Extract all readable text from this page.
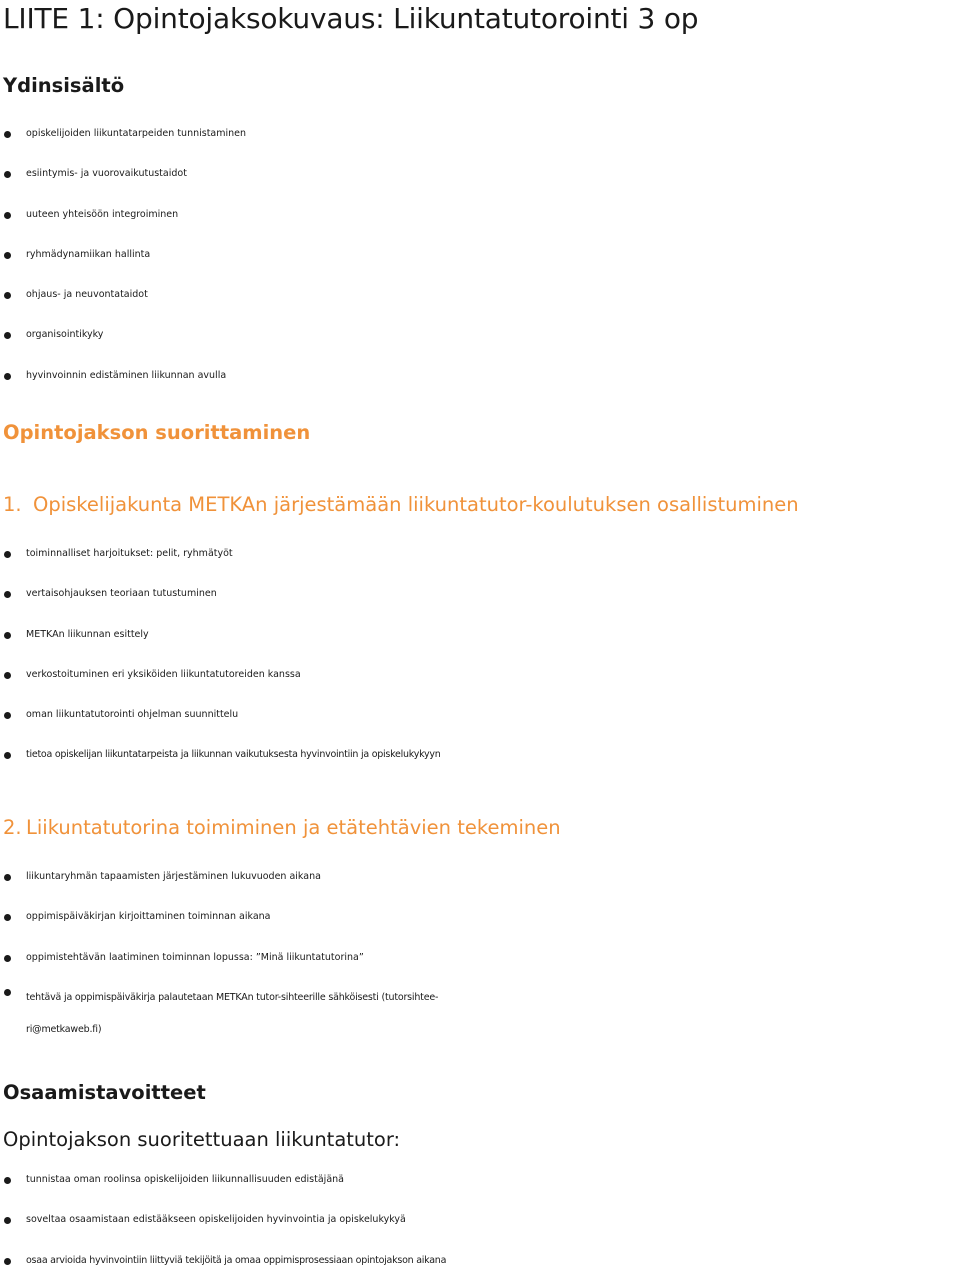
LIITE 1: Opintojaksokuvaus: Liikuntatutorointi 3 op
Ydinsisältö
opiskelijoiden liikuntatarpeiden tunnistaminen
esiintymis- ja vuorovaikutustaidot
uuteen yhteisöön integroiminen
ryhmädynamiikan hallinta
ohjaus- ja neuvontataidot
organisointikyky
hyvinvoinnin edistäminen liikunnan avulla
Opintojakson suorittaminen

1. Opiskelijakunta METKAn järjestämään liikuntatutor-koulutuksen osallistuminen

toiminnalliset harjoitukset: pelit, ryhmätyöt
vertaisohjauksen teoriaan tutustuminen
METKAn liikunnan esittely
verkostoituminen eri yksiköiden liikuntatutoreiden kanssa
oman liikuntatutorointi ohjelman suunnittelu
tietoa opiskelijan liikuntatarpeista ja liikunnan vaikutuksesta hyvinvointiin ja opiskelukykyyn

2. Liikuntatutorina toimiminen ja etätehtävien tekeminen

liikuntaryhmän tapaamisten järjestäminen lukuvuoden aikana
oppimispäiväkirjan kirjoittaminen toiminnan aikana
oppimistehtävän laatiminen toiminnan lopussa: ”Minä liikuntatutorina”
tehtävä ja oppimispäiväkirja palautetaan METKAn tutor-sihteerille sähköisesti (tutorsihtee-
ri@metkaweb.fi)
Osaamistavoitteet

Opintojakson suoritettuaan liikuntatutor:

tunnistaa oman roolinsa opiskelijoiden liikunnallisuuden edistäjänä
soveltaa osaamistaan edistääkseen opiskelijoiden hyvinvointia ja opiskelukykyä
osaa arvioida hyvinvointiin liittyviä tekijöitä ja omaa oppimisprosessiaan opintojakson aikana
